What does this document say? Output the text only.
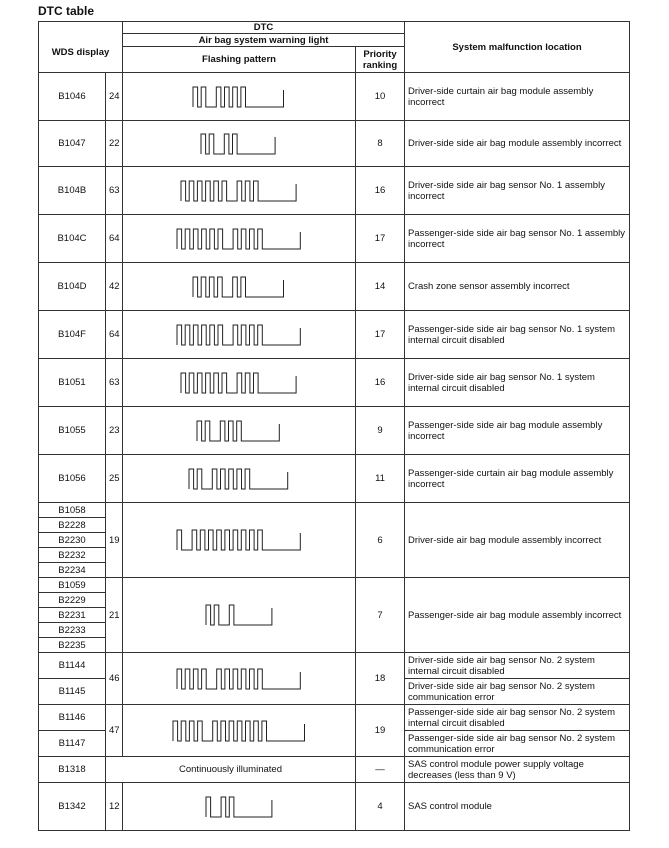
DTC table
		DTC		System malfunction location
WDS display		Air bag system warning light		
		Flashing pattern	Priority ranking	
B1046	24		10	Driver-side curtain air bag module assembly incorrect
B1047	22		8	Driver-side side air bag module assembly incorrect
B104B	63		16	Driver-side side air bag sensor No. 1 assembly incorrect
B104C	64		17	Passenger-side side air bag sensor No. 1 assembly incorrect
B104D	42		14	Crash zone sensor assembly incorrect
B104F	64		17	Passenger-side side air bag sensor No. 1 system internal circuit disabled
B1051	63		16	Driver-side side air bag sensor No. 1 system internal circuit disabled
B1055	23		9	Passenger-side side air bag module assembly incorrect
B1056	25		11	Passenger-side curtain air bag module assembly incorrect
B1058	19		6	Driver-side air bag module assembly incorrect
B2228				
B2230				
B2232				
B2234				
B1059	21		7	Passenger-side air bag module assembly incorrect
B2229				
B2231				
B2233				
B2235				
B1144	46		18	Driver-side side air bag sensor No. 2 system internal circuit disabled
B1145				Driver-side side air bag sensor No. 2 system communication error
B1146	47		19	Passenger-side side air bag sensor No. 2 system internal circuit disabled
B1147				Passenger-side side air bag sensor No. 2 system communication error
B1318	Continuously illuminated		—	SAS control module power supply voltage decreases (less than 9 V)
B1342	12		4	SAS control module
